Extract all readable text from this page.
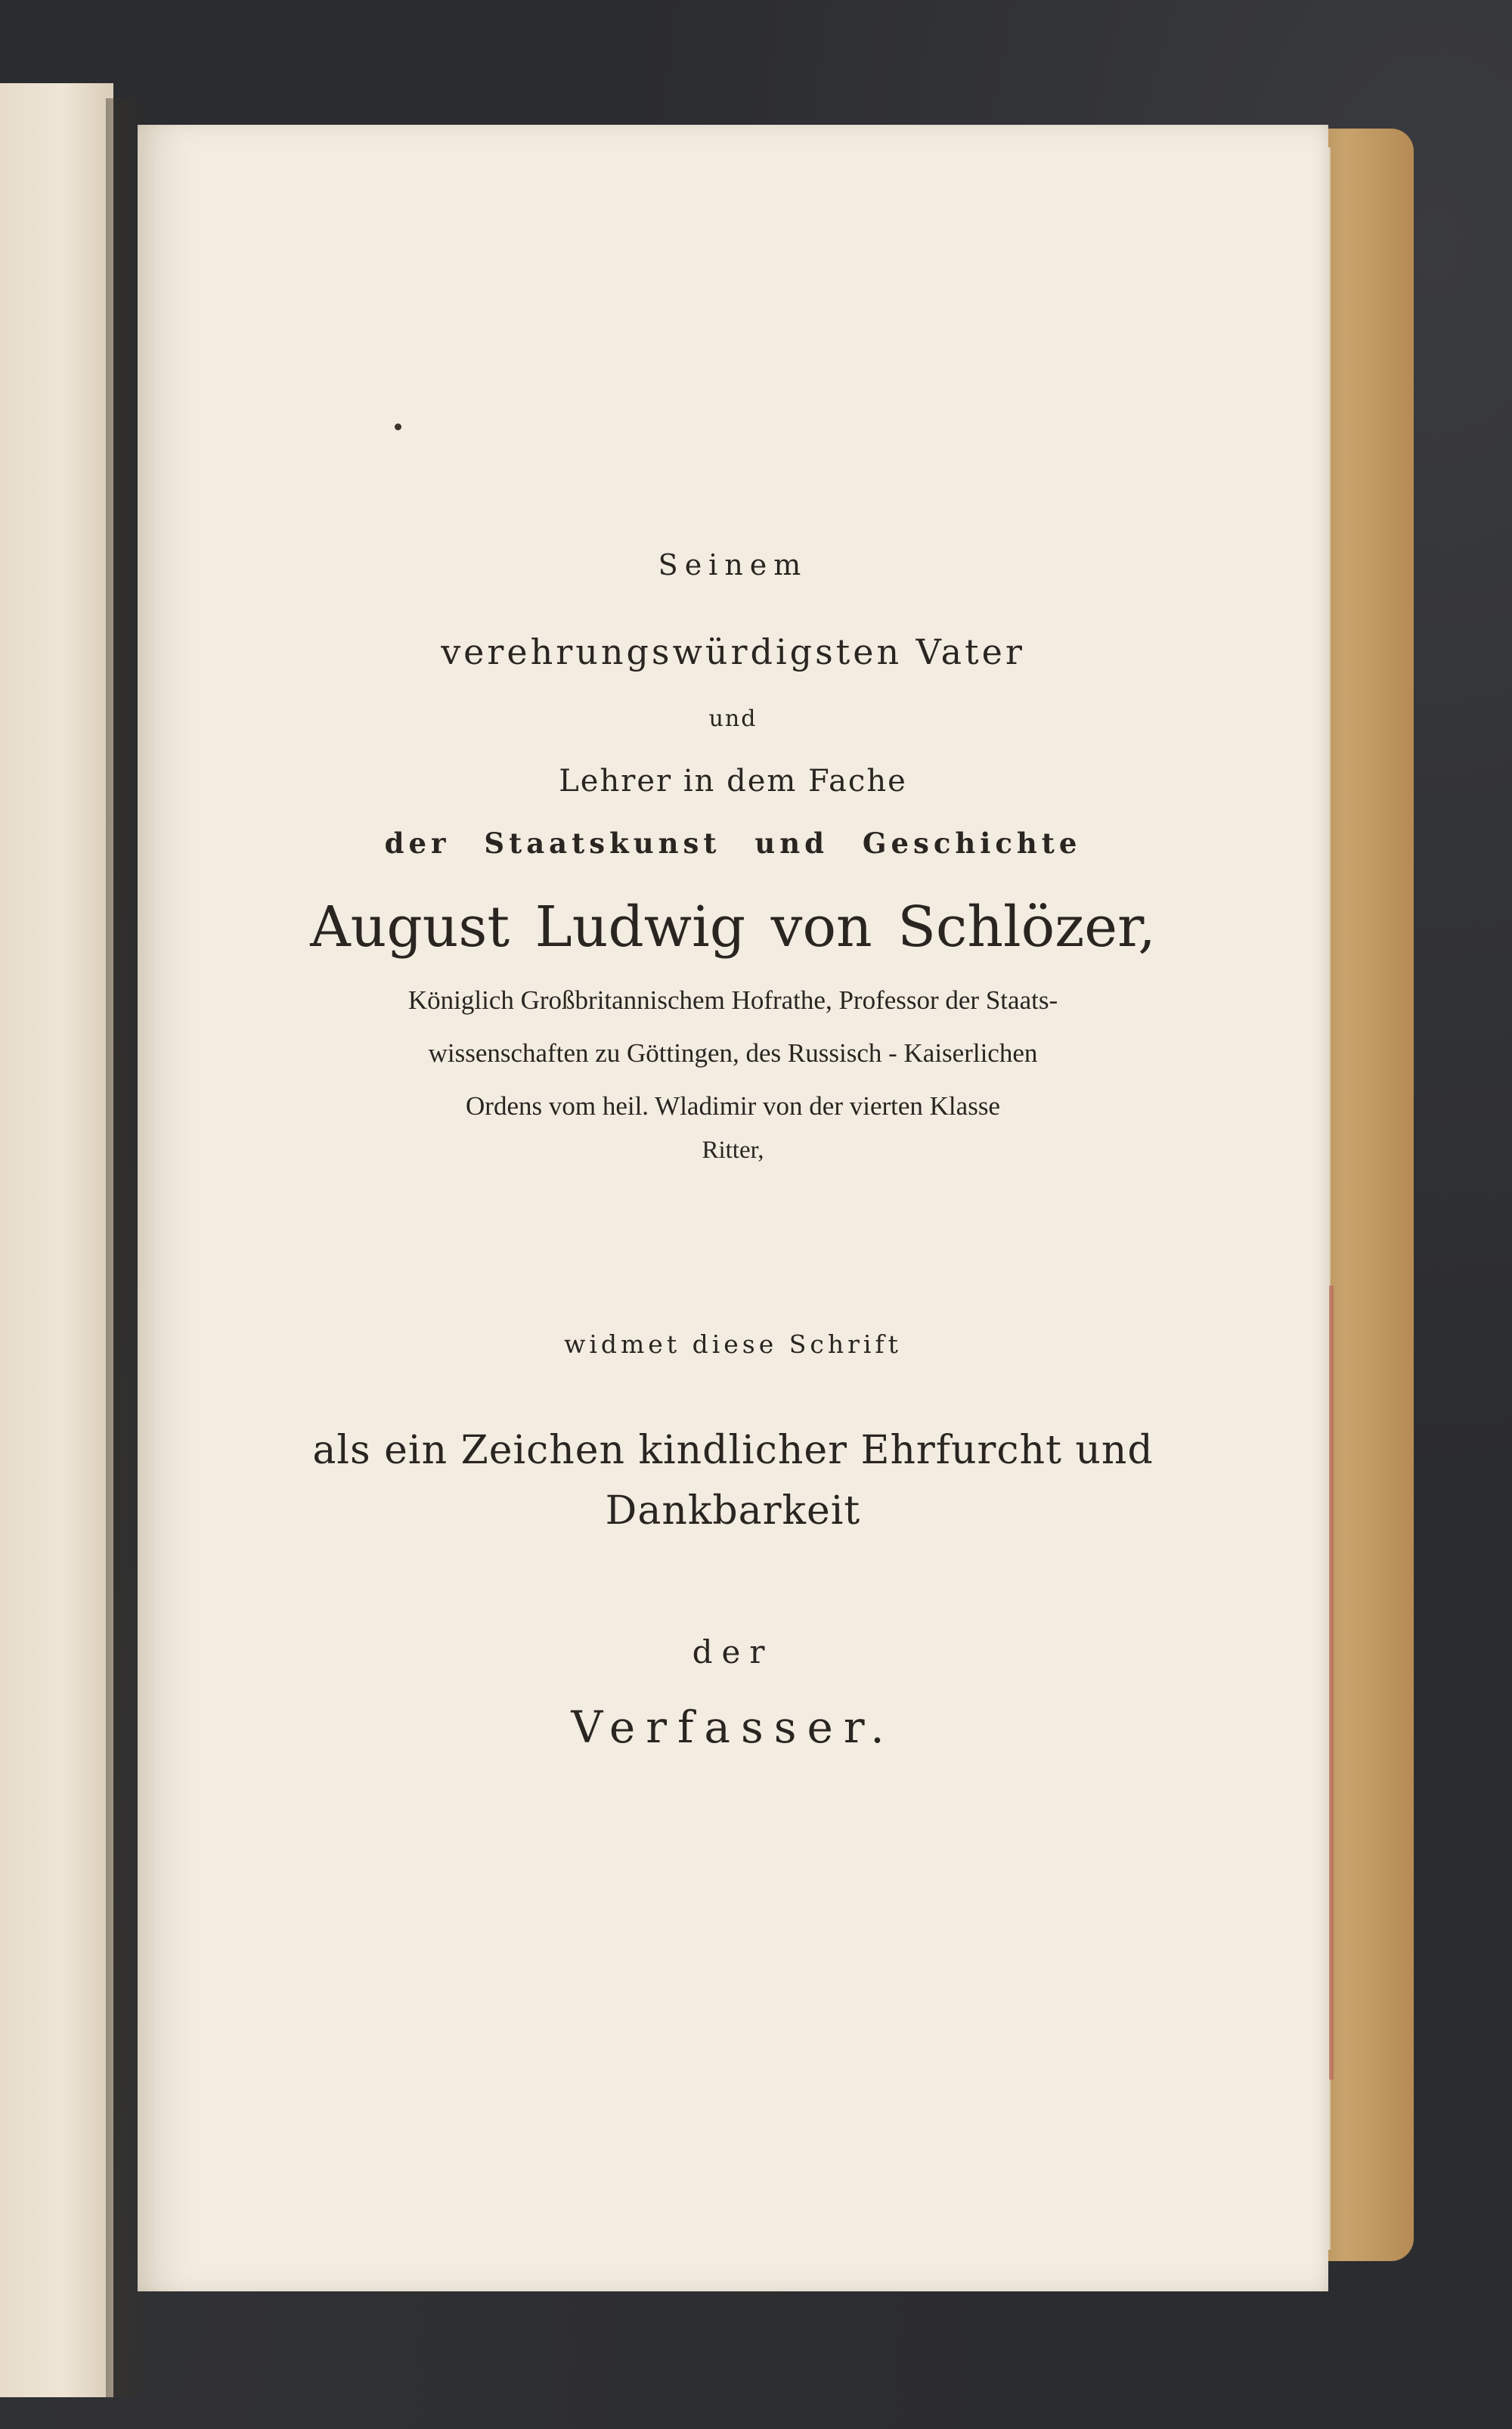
Seinem

verehrungswürdigsten Vater

und

Lehrer in dem Fache

der Staatskunst und Geschichte

August Ludwig von Schlözer,

Königlich Großbritannischem Hofrathe, Professor der Staats-

wissenschaften zu Göttingen, des Russisch - Kaiserlichen

Ordens vom heil. Wladimir von der vierten Klasse

Ritter,

widmet diese Schrift

als ein Zeichen kindlicher Ehrfurcht und

Dankbarkeit

der

Verfasser.
